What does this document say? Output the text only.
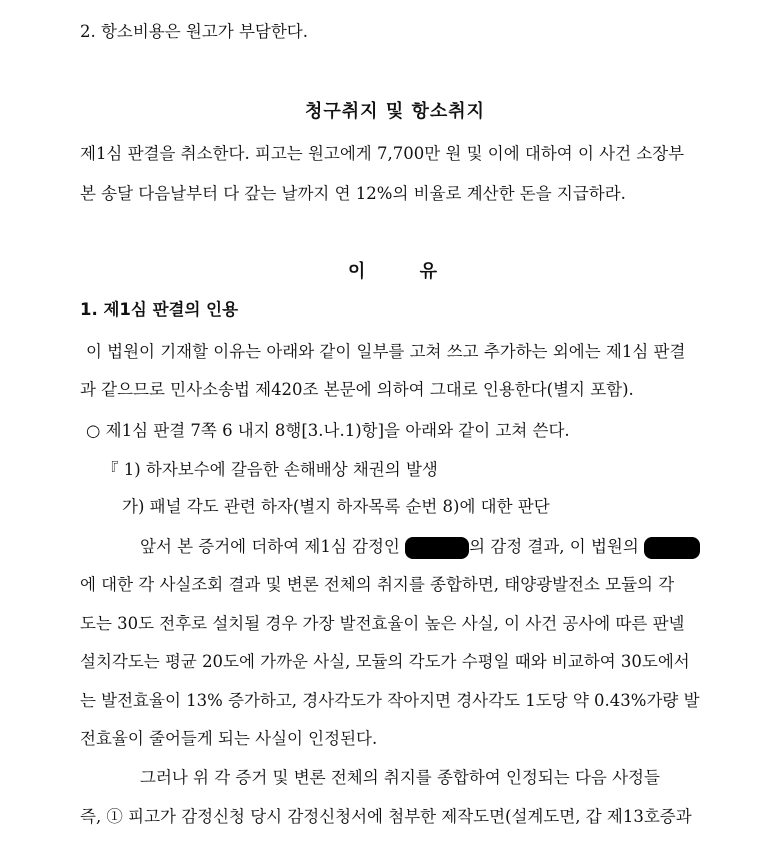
2. 항소비용은 원고가 부담한다.
청구취지 및 항소취지
제1심 판결을 취소한다. 피고는 원고에게 7,700만 원 및 이에 대하여 이 사건 소장부
본 송달 다음날부터 다 갚는 날까지 연 12%의 비율로 계산한 돈을 지급하라.
이 유
1. 제1심 판결의 인용
이 법원이 기재할 이유는 아래와 같이 일부를 고쳐 쓰고 추가하는 외에는 제1심 판결
과 같으므로 민사소송법 제420조 본문에 의하여 그대로 인용한다(별지 포함).
○ 제1심 판결 7쪽 6 내지 8행[3.나.1)항]을 아래와 같이 고쳐 쓴다.
『 1) 하자보수에 갈음한 손해배상 채권의 발생
가) 패널 각도 관련 하자(별지 하자목록 순번 8)에 대한 판단
앞서 본 증거에 더하여 제1심 감정인	의 감정 결과, 이 법원의
에 대한 각 사실조회 결과 및 변론 전체의 취지를 종합하면, 태양광발전소 모듈의 각
도는 30도 전후로 설치될 경우 가장 발전효율이 높은 사실, 이 사건 공사에 따른 판넬
설치각도는 평균 20도에 가까운 사실, 모듈의 각도가 수평일 때와 비교하여 30도에서
는 발전효율이 13% 증가하고, 경사각도가 작아지면 경사각도 1도당 약 0.43%가량 발
전효율이 줄어들게 되는 사실이 인정된다.
그러나 위 각 증거 및 변론 전체의 취지를 종합하여 인정되는 다음 사정들
즉, ① 피고가 감정신청 당시 감정신청서에 첨부한 제작도면(설계도면, 갑 제13호증과
